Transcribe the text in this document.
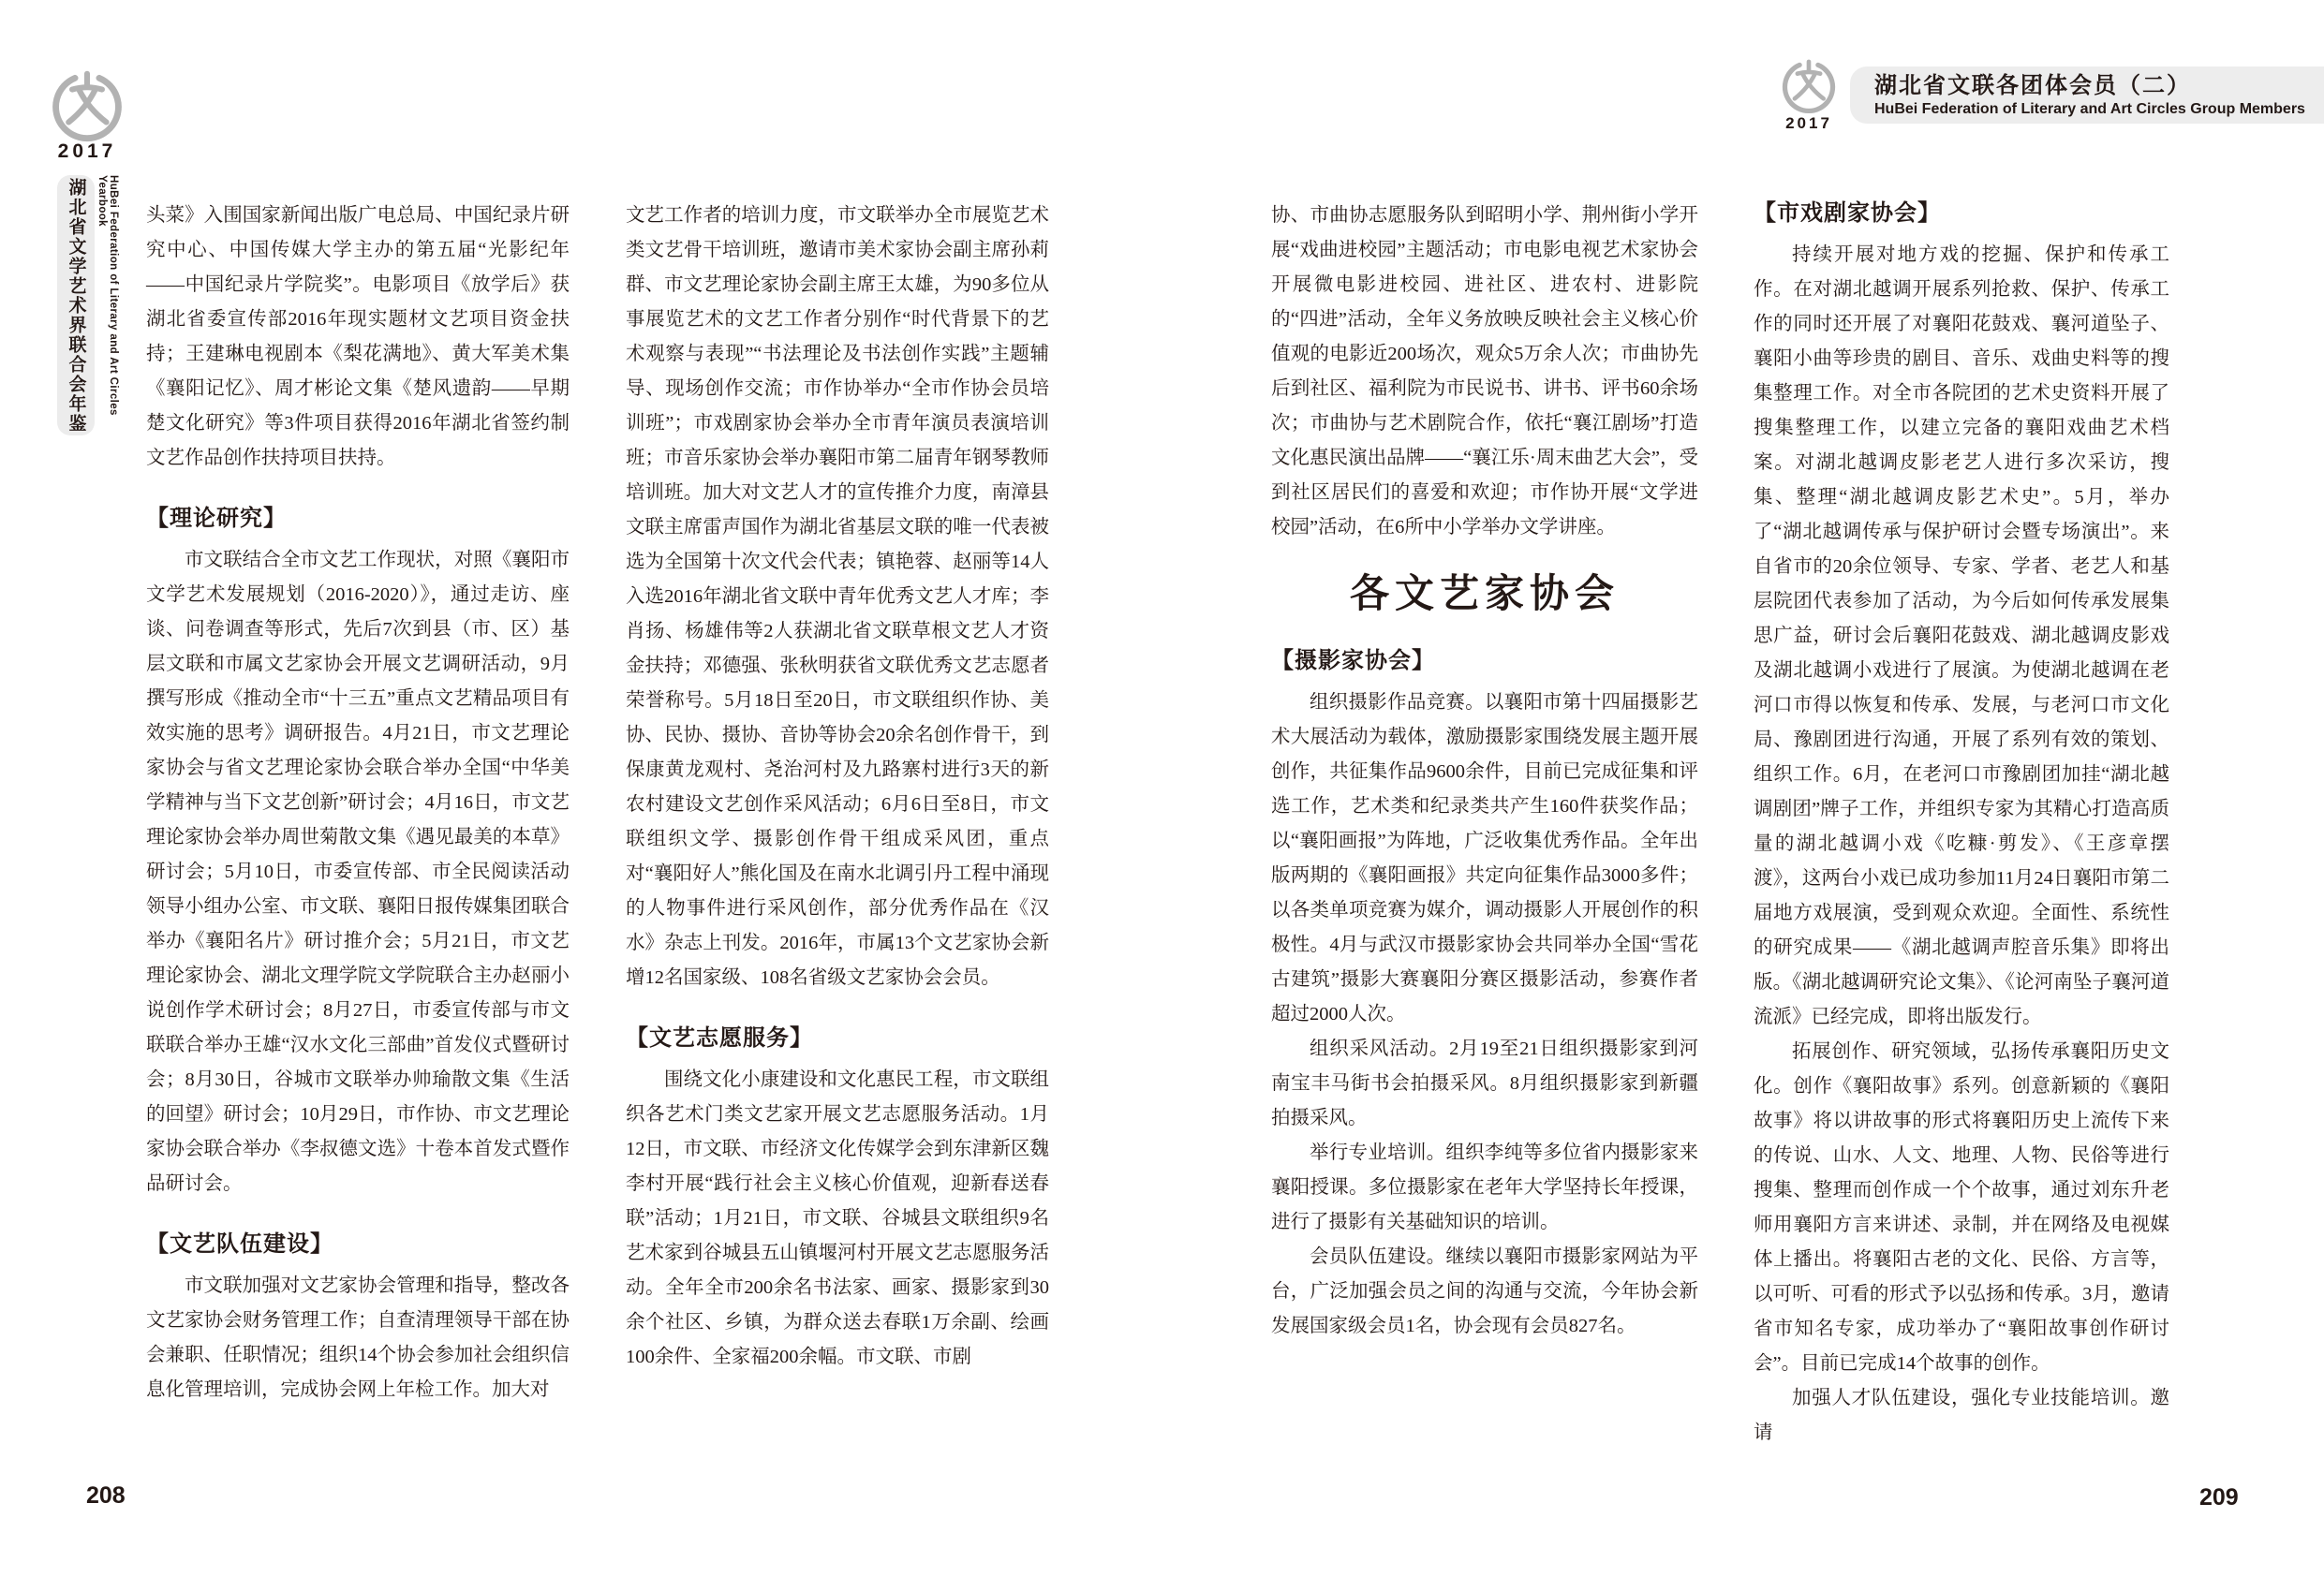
2017
湖北省文学艺术界联合会年鉴	HuBei Federation of Literary and Art Circles Yearbook	头菜》入围国家新闻出版广电总局、中国纪录片研究中心、中国传媒大学主办的第五届“光影纪年——中国纪录片学院奖”。电影项目《放学后》获湖北省委宣传部2016年现实题材文艺项目资金扶持；王建琳电视剧本《梨花满地》、黄大军美术集《襄阳记忆》、周才彬论文集《楚风遗韵——早期楚文化研究》等3件项目获得2016年湖北省签约制文艺作品创作扶持项目扶持。
【理论研究】
市文联结合全市文艺工作现状，对照《襄阳市文学艺术发展规划（2016-2020）》，通过走访、座谈、问卷调查等形式，先后7次到县（市、区）基层文联和市属文艺家协会开展文艺调研活动，9月撰写形成《推动全市“十三五”重点文艺精品项目有效实施的思考》调研报告。4月21日，市文艺理论家协会与省文艺理论家协会联合举办全国“中华美学精神与当下文艺创新”研讨会；4月16日，市文艺理论家协会举办周世菊散文集《遇见最美的本草》研讨会；5月10日，市委宣传部、市全民阅读活动领导小组办公室、市文联、襄阳日报传媒集团联合举办《襄阳名片》研讨推介会；5月21日，市文艺理论家协会、湖北文理学院文学院联合主办赵丽小说创作学术研讨会；8月27日，市委宣传部与市文联联合举办王雄“汉水文化三部曲”首发仪式暨研讨会；8月30日，谷城市文联举办帅瑜散文集《生活的回望》研讨会；10月29日，市作协、市文艺理论家协会联合举办《李叔德文选》十卷本首发式暨作品研讨会。
【文艺队伍建设】
市文联加强对文艺家协会管理和指导，整改各文艺家协会财务管理工作；自查清理领导干部在协会兼职、任职情况；组织14个协会参加社会组织信息化管理培训，完成协会网上年检工作。加大对
文艺工作者的培训力度，市文联举办全市展览艺术类文艺骨干培训班，邀请市美术家协会副主席孙莉群、市文艺理论家协会副主席王太雄，为90多位从事展览艺术的文艺工作者分别作“时代背景下的艺术观察与表现”“书法理论及书法创作实践”主题辅导、现场创作交流；市作协举办“全市作协会员培训班”；市戏剧家协会举办全市青年演员表演培训班；市音乐家协会举办襄阳市第二届青年钢琴教师培训班。加大对文艺人才的宣传推介力度，南漳县文联主席雷声国作为湖北省基层文联的唯一代表被选为全国第十次文代会代表；镇艳蓉、赵丽等14人入选2016年湖北省文联中青年优秀文艺人才库；李肖扬、杨雄伟等2人获湖北省文联草根文艺人才资金扶持；邓德强、张秋明获省文联优秀文艺志愿者荣誉称号。5月18日至20日，市文联组织作协、美协、民协、摄协、音协等协会20余名创作骨干，到保康黄龙观村、尧治河村及九路寨村进行3天的新农村建设文艺创作采风活动；6月6日至8日，市文联组织文学、摄影创作骨干组成采风团，重点对“襄阳好人”熊化国及在南水北调引丹工程中涌现的人物事件进行采风创作，部分优秀作品在《汉水》杂志上刊发。2016年，市属13个文艺家协会新增12名国家级、108名省级文艺家协会会员。
【文艺志愿服务】
围绕文化小康建设和文化惠民工程，市文联组织各艺术门类文艺家开展文艺志愿服务活动。1月12日，市文联、市经济文化传媒学会到东津新区魏李村开展“践行社会主义核心价值观，迎新春送春联”活动；1月21日，市文联、谷城县文联组织9名艺术家到谷城县五山镇堰河村开展文艺志愿服务活动。全年全市200余名书法家、画家、摄影家到30余个社区、乡镇，为群众送去春联1万余副、绘画100余件、全家福200余幅。市文联、市剧
208
2017
湖北省文联各团体会员（二）
HuBei Federation of Literary and Art Circles Group Members
协、市曲协志愿服务队到昭明小学、荆州街小学开展“戏曲进校园”主题活动；市电影电视艺术家协会开展微电影进校园、进社区、进农村、进影院的“四进”活动，全年义务放映反映社会主义核心价值观的电影近200场次，观众5万余人次；市曲协先后到社区、福利院为市民说书、讲书、评书60余场次；市曲协与艺术剧院合作，依托“襄江剧场”打造文化惠民演出品牌——“襄江乐·周末曲艺大会”，受到社区居民们的喜爱和欢迎；市作协开展“文学进校园”活动，在6所中小学举办文学讲座。
各文艺家协会
【摄影家协会】
组织摄影作品竞赛。以襄阳市第十四届摄影艺术大展活动为载体，激励摄影家围绕发展主题开展创作，共征集作品9600余件，目前已完成征集和评选工作，艺术类和纪录类共产生160件获奖作品；以“襄阳画报”为阵地，广泛收集优秀作品。全年出版两期的《襄阳画报》共定向征集作品3000多件；以各类单项竞赛为媒介，调动摄影人开展创作的积极性。4月与武汉市摄影家协会共同举办全国“雪花古建筑”摄影大赛襄阳分赛区摄影活动，参赛作者超过2000人次。
组织采风活动。2月19至21日组织摄影家到河南宝丰马街书会拍摄采风。8月组织摄影家到新疆拍摄采风。
举行专业培训。组织李纯等多位省内摄影家来襄阳授课。多位摄影家在老年大学坚持长年授课，进行了摄影有关基础知识的培训。
会员队伍建设。继续以襄阳市摄影家网站为平台，广泛加强会员之间的沟通与交流，今年协会新发展国家级会员1名，协会现有会员827名。
【市戏剧家协会】
持续开展对地方戏的挖掘、保护和传承工作。在对湖北越调开展系列抢救、保护、传承工作的同时还开展了对襄阳花鼓戏、襄河道坠子、襄阳小曲等珍贵的剧目、音乐、戏曲史料等的搜集整理工作。对全市各院团的艺术史资料开展了搜集整理工作，以建立完备的襄阳戏曲艺术档案。对湖北越调皮影老艺人进行多次采访，搜集、整理“湖北越调皮影艺术史”。5月，举办了“湖北越调传承与保护研讨会暨专场演出”。来自省市的20余位领导、专家、学者、老艺人和基层院团代表参加了活动，为今后如何传承发展集思广益，研讨会后襄阳花鼓戏、湖北越调皮影戏及湖北越调小戏进行了展演。为使湖北越调在老河口市得以恢复和传承、发展，与老河口市文化局、豫剧团进行沟通，开展了系列有效的策划、组织工作。6月，在老河口市豫剧团加挂“湖北越调剧团”牌子工作，并组织专家为其精心打造高质量的湖北越调小戏《吃糠·剪发》、《王彦章摆渡》，这两台小戏已成功参加11月24日襄阳市第二届地方戏展演，受到观众欢迎。全面性、系统性的研究成果——《湖北越调声腔音乐集》即将出版。《湖北越调研究论文集》、《论河南坠子襄河道流派》已经完成，即将出版发行。
拓展创作、研究领域，弘扬传承襄阳历史文化。创作《襄阳故事》系列。创意新颖的《襄阳故事》将以讲故事的形式将襄阳历史上流传下来的传说、山水、人文、地理、人物、民俗等进行搜集、整理而创作成一个个故事，通过刘东升老师用襄阳方言来讲述、录制，并在网络及电视媒体上播出。将襄阳古老的文化、民俗、方言等，以可听、可看的形式予以弘扬和传承。3月，邀请省市知名专家，成功举办了“襄阳故事创作研讨会”。目前已完成14个故事的创作。
加强人才队伍建设，强化专业技能培训。邀请
209
